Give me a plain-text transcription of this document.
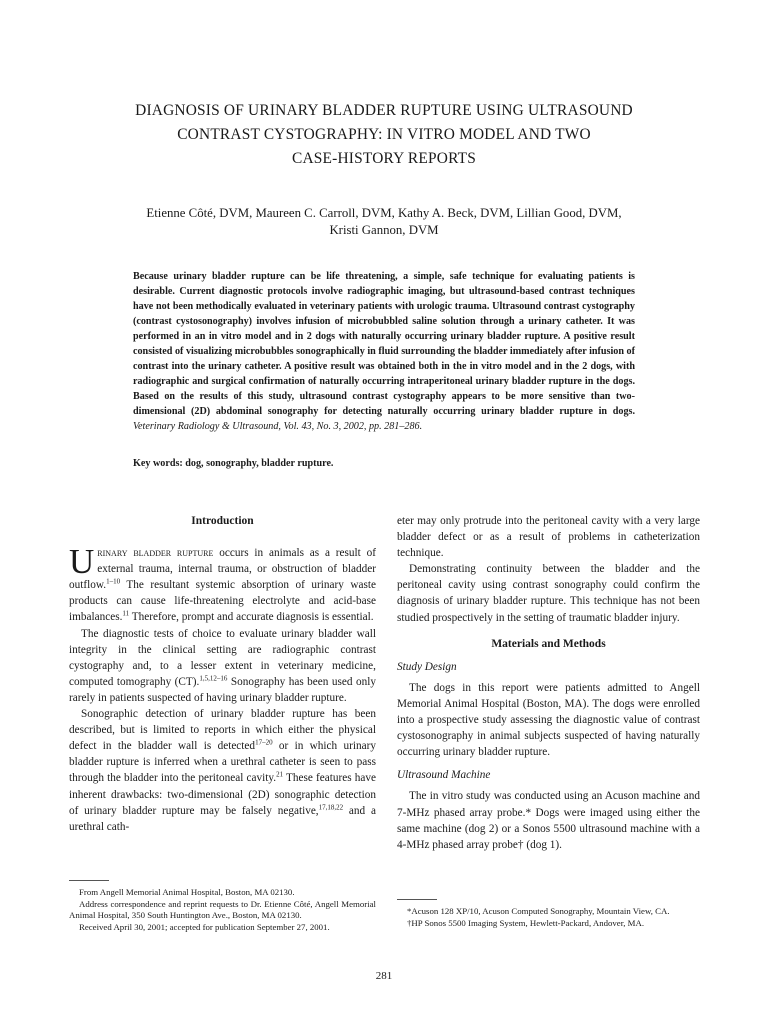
DIAGNOSIS OF URINARY BLADDER RUPTURE USING ULTRASOUND
CONTRAST CYSTOGRAPHY: IN VITRO MODEL AND TWO
CASE-HISTORY REPORTS
Etienne Côté, DVM, Maureen C. Carroll, DVM, Kathy A. Beck, DVM, Lillian Good, DVM,
Kristi Gannon, DVM
Because urinary bladder rupture can be life threatening, a simple, safe technique for evaluating patients is desirable. Current diagnostic protocols involve radiographic imaging, but ultrasound-based contrast techniques have not been methodically evaluated in veterinary patients with urologic trauma. Ultrasound contrast cystography (contrast cystosonography) involves infusion of microbubbled saline solution through a urinary catheter. It was performed in an in vitro model and in 2 dogs with naturally occurring urinary bladder rupture. A positive result consisted of visualizing microbubbles sonographically in fluid surrounding the bladder immediately after infusion of contrast into the urinary catheter. A positive result was obtained both in the in vitro model and in the 2 dogs, with radiographic and surgical confirmation of naturally occurring intraperitoneal urinary bladder rupture in the dogs. Based on the results of this study, ultrasound contrast cystography appears to be more sensitive than two-dimensional (2D) abdominal sonography for detecting naturally occurring urinary bladder rupture in dogs. Veterinary Radiology & Ultrasound, Vol. 43, No. 3, 2002, pp. 281–286.
Key words: dog, sonography, bladder rupture.
Introduction

Urinary bladder rupture occurs in animals as a result of external trauma, internal trauma, or obstruction of bladder outflow.$^{1-10}$ The resultant systemic absorption of urinary waste products can cause life-threatening electrolyte and acid-base imbalances.$^{11}$ Therefore, prompt and accurate diagnosis is essential.

The diagnostic tests of choice to evaluate urinary bladder wall integrity in the clinical setting are radiographic contrast cystography and, to a lesser extent in veterinary medicine, computed tomography (CT).$^{1,5,12-16}$ Sonography has been used only rarely in patients suspected of having urinary bladder rupture.

Sonographic detection of urinary bladder rupture has been described, but is limited to reports in which either the physical defect in the bladder wall is detected$^{17-20}$ or in which urinary bladder rupture is inferred when a urethral catheter is seen to pass through the bladder into the peritoneal cavity.$^{21}$ These features have inherent drawbacks: two-dimensional (2D) sonographic detection of urinary bladder rupture may be falsely negative,$^{17,18,22}$ and a urethral cath-

eter may only protrude into the peritoneal cavity with a very large bladder defect or as a result of problems in catheterization technique.

Demonstrating continuity between the bladder and the peritoneal cavity using contrast sonography could confirm the diagnosis of urinary bladder rupture. This technique has not been studied prospectively in the setting of traumatic bladder injury.

Materials and Methods
Study Design

The dogs in this report were patients admitted to Angell Memorial Animal Hospital (Boston, MA). The dogs were enrolled into a prospective study assessing the diagnostic value of contrast cystosonography in animal subjects suspected of having naturally occurring urinary bladder rupture.

Ultrasound Machine

The in vitro study was conducted using an Acuson machine and 7-MHz phased array probe.* Dogs were imaged using either the same machine (dog 2) or a Sonos 5500 ultrasound machine with a 4-MHz phased array probe† (dog 1).

From Angell Memorial Animal Hospital, Boston, MA 02130.

Address correspondence and reprint requests to Dr. Etienne Côté, Angell Memorial Animal Hospital, 350 South Huntington Ave., Boston, MA 02130.

Received April 30, 2001; accepted for publication September 27, 2001.

*Acuson 128 XP/10, Acuson Computed Sonography, Mountain View, CA.

†HP Sonos 5500 Imaging System, Hewlett-Packard, Andover, MA.

281
